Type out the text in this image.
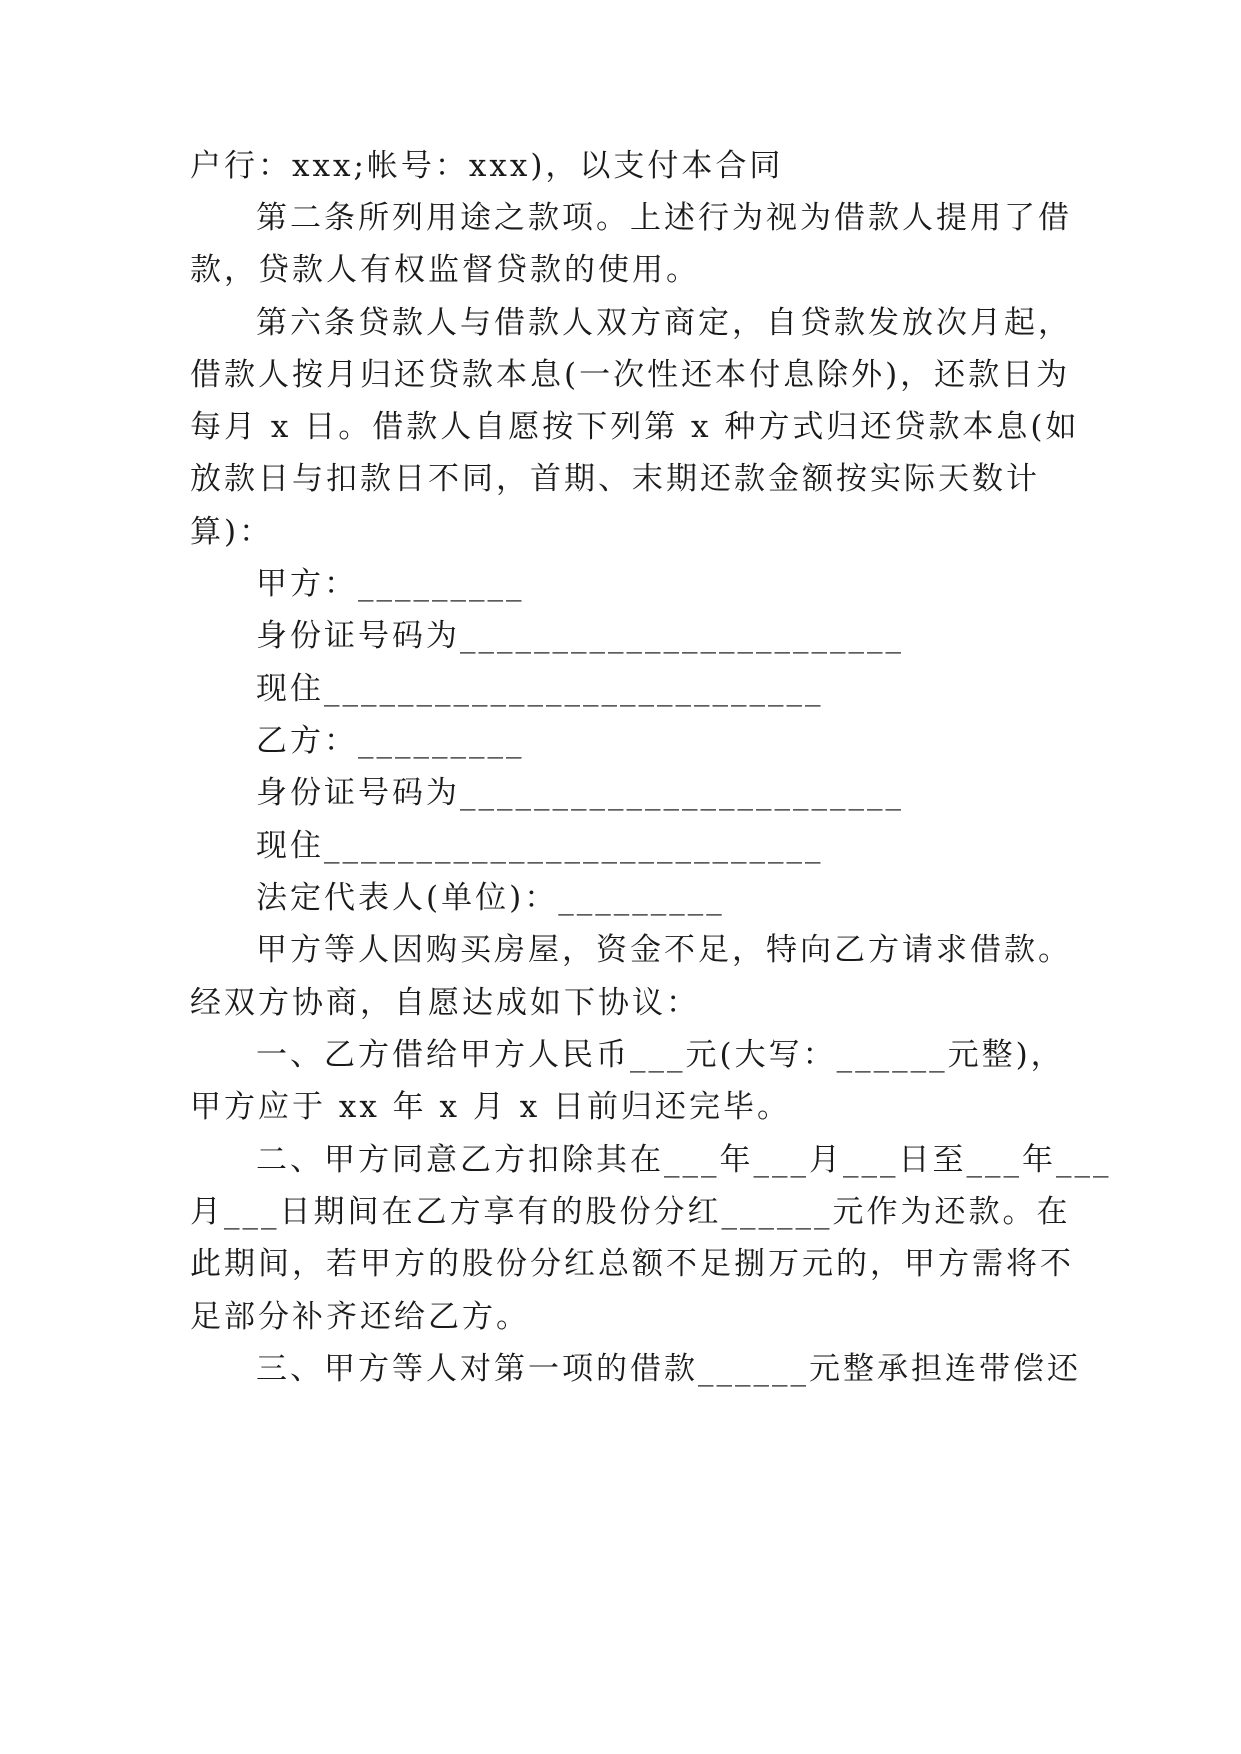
户行：xxx;帐号：xxx)，以支付本合同
第二条所列用途之款项。上述行为视为借款人提用了借
款，贷款人有权监督贷款的使用。
第六条贷款人与借款人双方商定，自贷款发放次月起，
借款人按月归还贷款本息(一次性还本付息除外)，还款日为
每月 x 日。借款人自愿按下列第 x 种方式归还贷款本息(如
放款日与扣款日不同，首期、末期还款金额按实际天数计
算)：
甲方：_________
身份证号码为________________________
现住___________________________
乙方：_________
身份证号码为________________________
现住___________________________
法定代表人(单位)：_________
甲方等人因购买房屋，资金不足，特向乙方请求借款。
经双方协商，自愿达成如下协议：
一、乙方借给甲方人民币___元(大写：______元整)，
甲方应于 xx 年 x 月 x 日前归还完毕。
二、甲方同意乙方扣除其在___年___月___日至___年___
月___日期间在乙方享有的股份分红______元作为还款。在
此期间，若甲方的股份分红总额不足捌万元的，甲方需将不
足部分补齐还给乙方。
三、甲方等人对第一项的借款______元整承担连带偿还
